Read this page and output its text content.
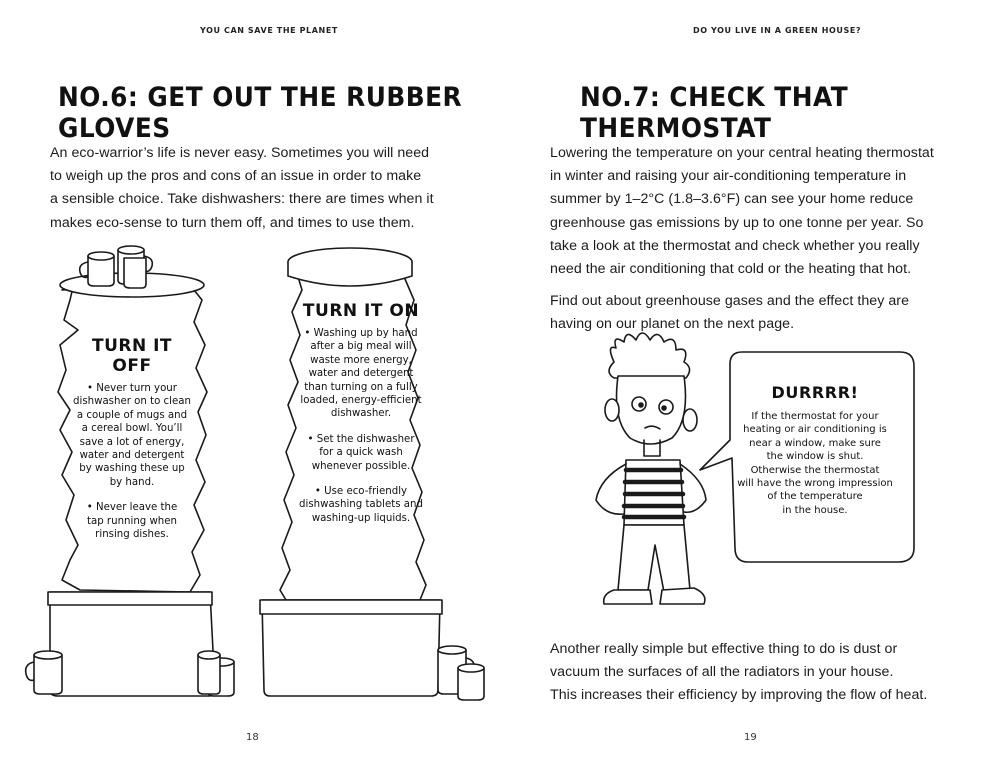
YOU CAN SAVE THE PLANET
NO.6: GET OUT THE RUBBER GLOVES
An eco-warrior’s life is never easy. Sometimes you will need
to weigh up the pros and cons of an issue in order to make
a sensible choice. Take dishwashers: there are times when it
makes eco-sense to turn them off, and times to use them.
TURN IT OFF
• Never turn your
dishwasher on to clean
a couple of mugs and
a cereal bowl. You’ll
save a lot of energy,
water and detergent
by washing these up
by hand.
• Never leave the
tap running when
rinsing dishes.
TURN IT ON
• Washing up by hand
after a big meal will
waste more energy,
water and detergent
than turning on a fully
loaded, energy-efficient
dishwasher.
• Set the dishwasher
for a quick wash
whenever possible.
• Use eco-friendly
dishwashing tablets and
washing-up liquids.
18
DO YOU LIVE IN A GREEN HOUSE?
NO.7: CHECK THAT THERMOSTAT
Lowering the temperature on your central heating thermostat
in winter and raising your air-conditioning temperature in
summer by 1–2°C (1.8–3.6°F) can see your home reduce
greenhouse gas emissions by up to one tonne per year. So
take a look at the thermostat and check whether you really
need the air conditioning that cold or the heating that hot.
Find out about greenhouse gases and the effect they are
having on our planet on the next page.
Another really simple but effective thing to do is dust or
vacuum the surfaces of all the radiators in your house.
This increases their efficiency by improving the flow of heat.
19
DURRRR!
If the thermostat for your
heating or air conditioning is
near a window, make sure
the window is shut.
Otherwise the thermostat
will have the wrong impression
of the temperature
in the house.
